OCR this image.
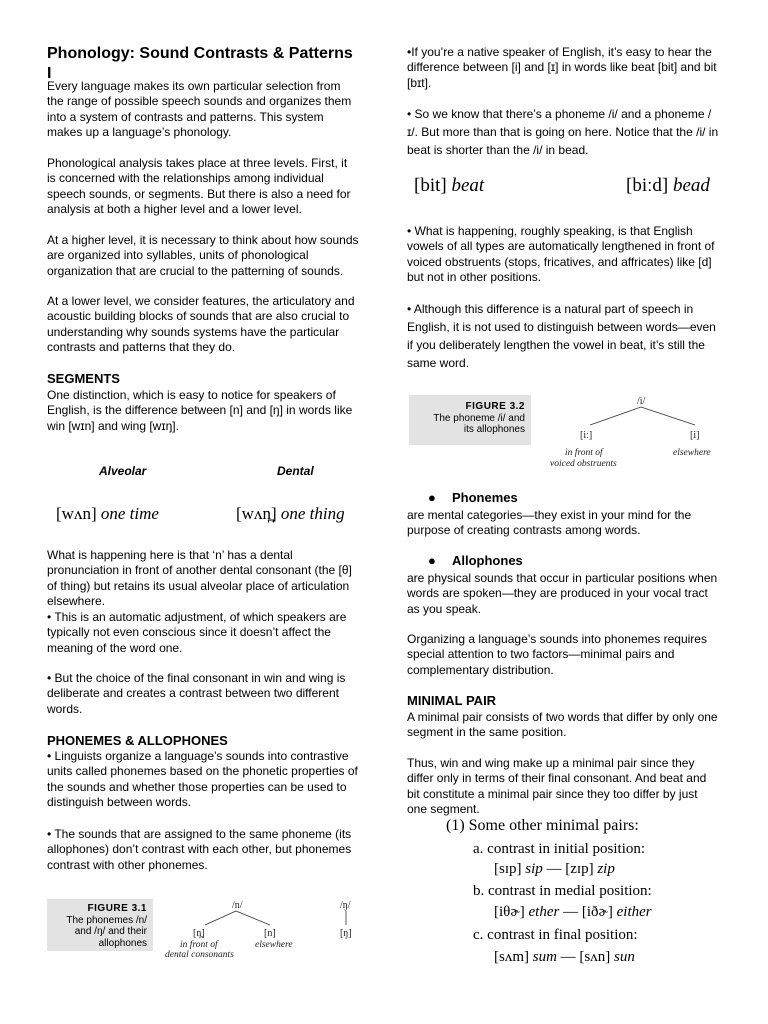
Phonology: Sound Contrasts & Patterns I

Every language makes its own particular selection from the range of possible speech sounds and organizes them into a system of contrasts and patterns. This system makes up a language’s phonology.

Phonological analysis takes place at three levels. First, it is concerned with the relationships among individual speech sounds, or segments. But there is also a need for analysis at both a higher level and a lower level.

At a higher level, it is necessary to think about how sounds are organized into syllables, units of phonological organization that are crucial to the patterning of sounds.

At a lower level, we consider features, the articulatory and acoustic building blocks of sounds that are also crucial to understanding why sounds systems have the particular contrasts and patterns that they do.

SEGMENTS

One distinction, which is easy to notice for speakers of English, is the difference between [n] and [ŋ] in words like win [wɪn] and wing [wɪŋ].

Alveolar	Dental
[wʌn] one time	[wʌn̪] one thing

What is happening here is that ‘n’ has a dental pronunciation in front of another dental consonant (the [θ] of thing) but retains its usual alveolar place of articulation elsewhere.

• This is an automatic adjustment, of which speakers are typically not even conscious since it doesn’t affect the meaning of the word one.

• But the choice of the final consonant in win and wing is deliberate and creates a contrast between two different words.

PHONEMES & ALLOPHONES

• Linguists organize a language’s sounds into contrastive units called phonemes based on the phonetic properties of the sounds and whether those properties can be used to distinguish between words.

• The sounds that are assigned to the same phoneme (its allophones) don’t contrast with each other, but phonemes contrast with other phonemes.

FIGURE 3.1
The phonemes /n/
and /ŋ/ and their
allophones
/n/
[n̪]	[n]
in front of
dental consonants
elsewhere
/ŋ/
[ŋ]

•If you’re a native speaker of English, it’s easy to hear the difference between [i] and [ɪ] in words like beat [bit] and bit [bɪt].

• So we know that there’s a phoneme /i/ and a phoneme /ɪ/. But more than that is going on here. Notice that the /i/ in beat is shorter than the /i/ in bead.

[bit] beat	[biːd] bead

• What is happening, roughly speaking, is that English vowels of all types are automatically lengthened in front of voiced obstruents (stops, fricatives, and affricates) like [d] but not in other positions.

• Although this difference is a natural part of speech in English, it is not used to distinguish between words—even if you deliberately lengthen the vowel in beat, it’s still the same word.

FIGURE 3.2
The phoneme /i/ and
its allophones
/i/
[iː]	[i]
in front of
voiced obstruents
elsewhere
● Phonemes

are mental categories—they exist in your mind for the purpose of creating contrasts among words.

● Allophones

are physical sounds that occur in particular positions when words are spoken—they are produced in your vocal tract as you speak.

Organizing a language’s sounds into phonemes requires special attention to two factors—minimal pairs and complementary distribution.

MINIMAL PAIR

A minimal pair consists of two words that differ by only one segment in the same position.

Thus, win and wing make up a minimal pair since they differ only in terms of their final consonant. And beat and bit constitute a minimal pair since they too differ by just one segment.

(1) Some other minimal pairs:
a. contrast in initial position:
[sɪp] sip — [zɪp] zip
b. contrast in medial position:
[iθɚ] ether — [iðɚ] either
c. contrast in final position:
[sʌm] sum — [sʌn] sun
